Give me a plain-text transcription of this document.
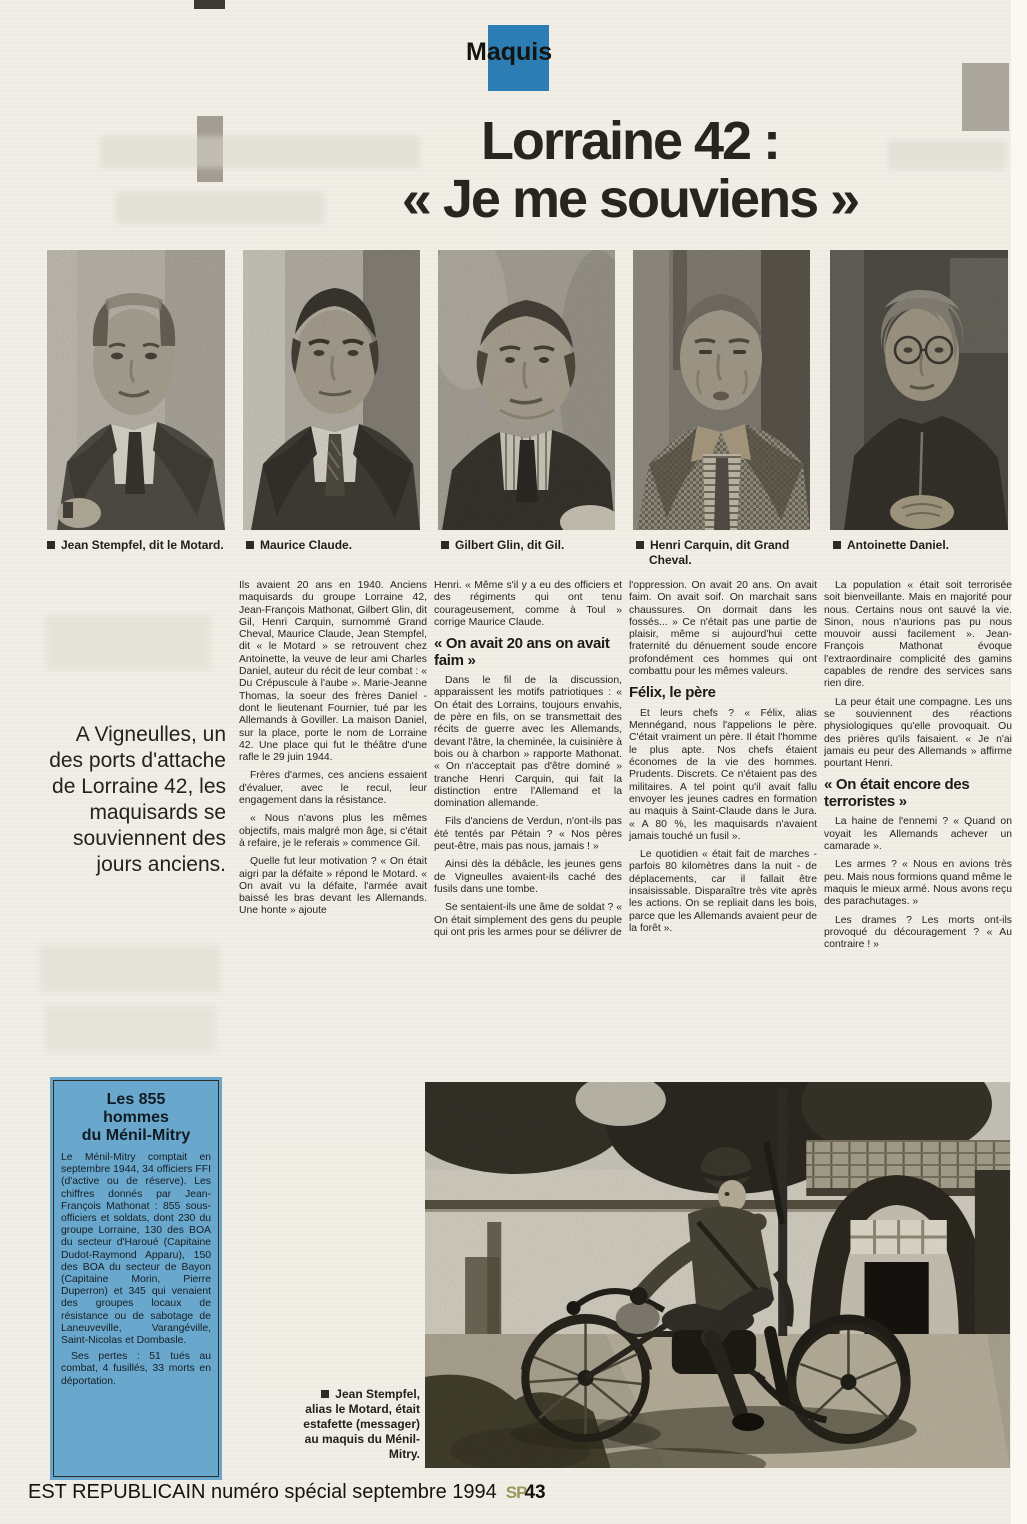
Maquis
Lorraine 42 :
« Je me souviens »

Jean Stempfel, dit le Motard.	Maurice Claude.	Gilbert Glin, dit Gil.	Henri Carquin, dit Grand Cheval.

Antoinette Daniel.

A Vigneulles, un des ports d'attache de Lorraine 42, les maquisards se souviennent des jours anciens.

Ils avaient 20 ans en 1940. Anciens maquisards du groupe Lorraine 42, Jean-François Mathonat, Gilbert Glin, dit Gil, Henri Carquin, surnommé Grand Cheval, Maurice Claude, Jean Stempfel, dit « le Motard » se retrouvent chez Antoinette, la veuve de leur ami Charles Daniel, auteur du récit de leur combat : « Du Crépuscule à l'aube ». Marie-Jeanne Thomas, la soeur des frères Daniel - dont le lieutenant Fournier, tué par les Allemands à Goviller. La maison Daniel, sur la place, porte le nom de Lorraine 42. Une place qui fut le théâtre d'une rafle le 29 juin 1944.

Frères d'armes, ces anciens essaient d'évaluer, avec le recul, leur engagement dans la résistance.

« Nous n'avons plus les mêmes objectifs, mais malgré mon âge, si c'était à refaire, je le referais » commence Gil.

Quelle fut leur motivation ? « On était aigri par la défaite » répond le Motard. « On avait vu la défaite, l'armée avait baissé les bras devant les Allemands. Une honte » ajoute

Henri. « Même s'il y a eu des officiers et des régiments qui ont tenu courageusement, comme à Toul » corrige Maurice Claude.

« On avait 20 ans on avait faim »

Dans le fil de la discussion, apparaissent les motifs patriotiques : « On était des Lorrains, toujours envahis, de père en fils, on se transmettait des récits de guerre avec les Allemands, devant l'âtre, la cheminée, la cuisinière à bois ou à charbon » rapporte Mathonat. « On n'acceptait pas d'être dominé » tranche Henri Carquin, qui fait la distinction entre l'Allemand et la domination allemande.

Fils d'anciens de Verdun, n'ont-ils pas été tentés par Pétain ? « Nos pères peut-être, mais pas nous, jamais ! »

Ainsi dès la débâcle, les jeunes gens de Vigneulles avaient-ils caché des fusils dans une tombe.

Se sentaient-ils une âme de soldat ? « On était simplement des gens du peuple qui ont pris les armes pour se délivrer de

l'oppression. On avait 20 ans. On avait faim. On avait soif. On marchait sans chaussures. On dormait dans les fossés... » Ce n'était pas une partie de plaisir, même si aujourd'hui cette fraternité du dénuement soude encore profondément ces hommes qui ont combattu pour les mêmes valeurs.

Félix, le père

Et leurs chefs ? « Félix, alias Mennégand, nous l'appelions le père. C'était vraiment un père. Il était l'homme le plus apte. Nos chefs étaient économes de la vie des hommes. Prudents. Discrets. Ce n'étaient pas des militaires. A tel point qu'il avait fallu envoyer les jeunes cadres en formation au maquis à Saint-Claude dans le Jura. « A 80 %, les maquisards n'avaient jamais touché un fusil ».

Le quotidien « était fait de marches - parfois 80 kilomètres dans la nuit - de déplacements, car il fallait être insaisissable. Disparaître très vite après les actions. On se repliait dans les bois, parce que les Allemands avaient peur de la forêt ».

La population « était soit terrorisée soit bienveillante. Mais en majorité pour nous. Certains nous ont sauvé la vie. Sinon, nous n'aurions pas pu nous mouvoir aussi facilement ». Jean-François Mathonat évoque l'extraordinaire complicité des gamins capables de rendre des services sans rien dire.

La peur était une compagne. Les uns se souviennent des réactions physiologiques qu'elle provoquait. Ou des prières qu'ils faisaient. « Je n'ai jamais eu peur des Allemands » affirme pourtant Henri.

« On était encore des terroristes »

La haine de l'ennemi ? « Quand on voyait les Allemands achever un camarade ».

Les armes ? « Nous en avions très peu. Mais nous formions quand même le maquis le mieux armé. Nous avons reçu des parachutages. »

Les drames ? Les morts ont-ils provoqué du découragement ? « Au contraire ! »

Les 855
hommes
du Ménil-Mitry

Le Ménil-Mitry comptait en septembre 1944, 34 officiers FFI (d'active ou de réserve). Les chiffres donnés par Jean-François Mathonat : 855 sous-officiers et soldats, dont 230 du groupe Lorraine, 130 des BOA du secteur d'Haroué (Capitaine Dudot-Raymond Apparu), 150 des BOA du secteur de Bayon (Capitaine Morin, Pierre Duperron) et 345 qui venaient des groupes locaux de résistance ou de sabotage de Laneuveville, Varangéville, Saint-Nicolas et Dombasle.

Ses pertes : 51 tués au combat, 4 fusillés, 33 morts en déportation.

Jean Stempfel, alias le Motard, était estafette (messager) au maquis du Ménil-Mitry.

EST REPUBLICAIN numéro spécial septembre 1994 SP43
